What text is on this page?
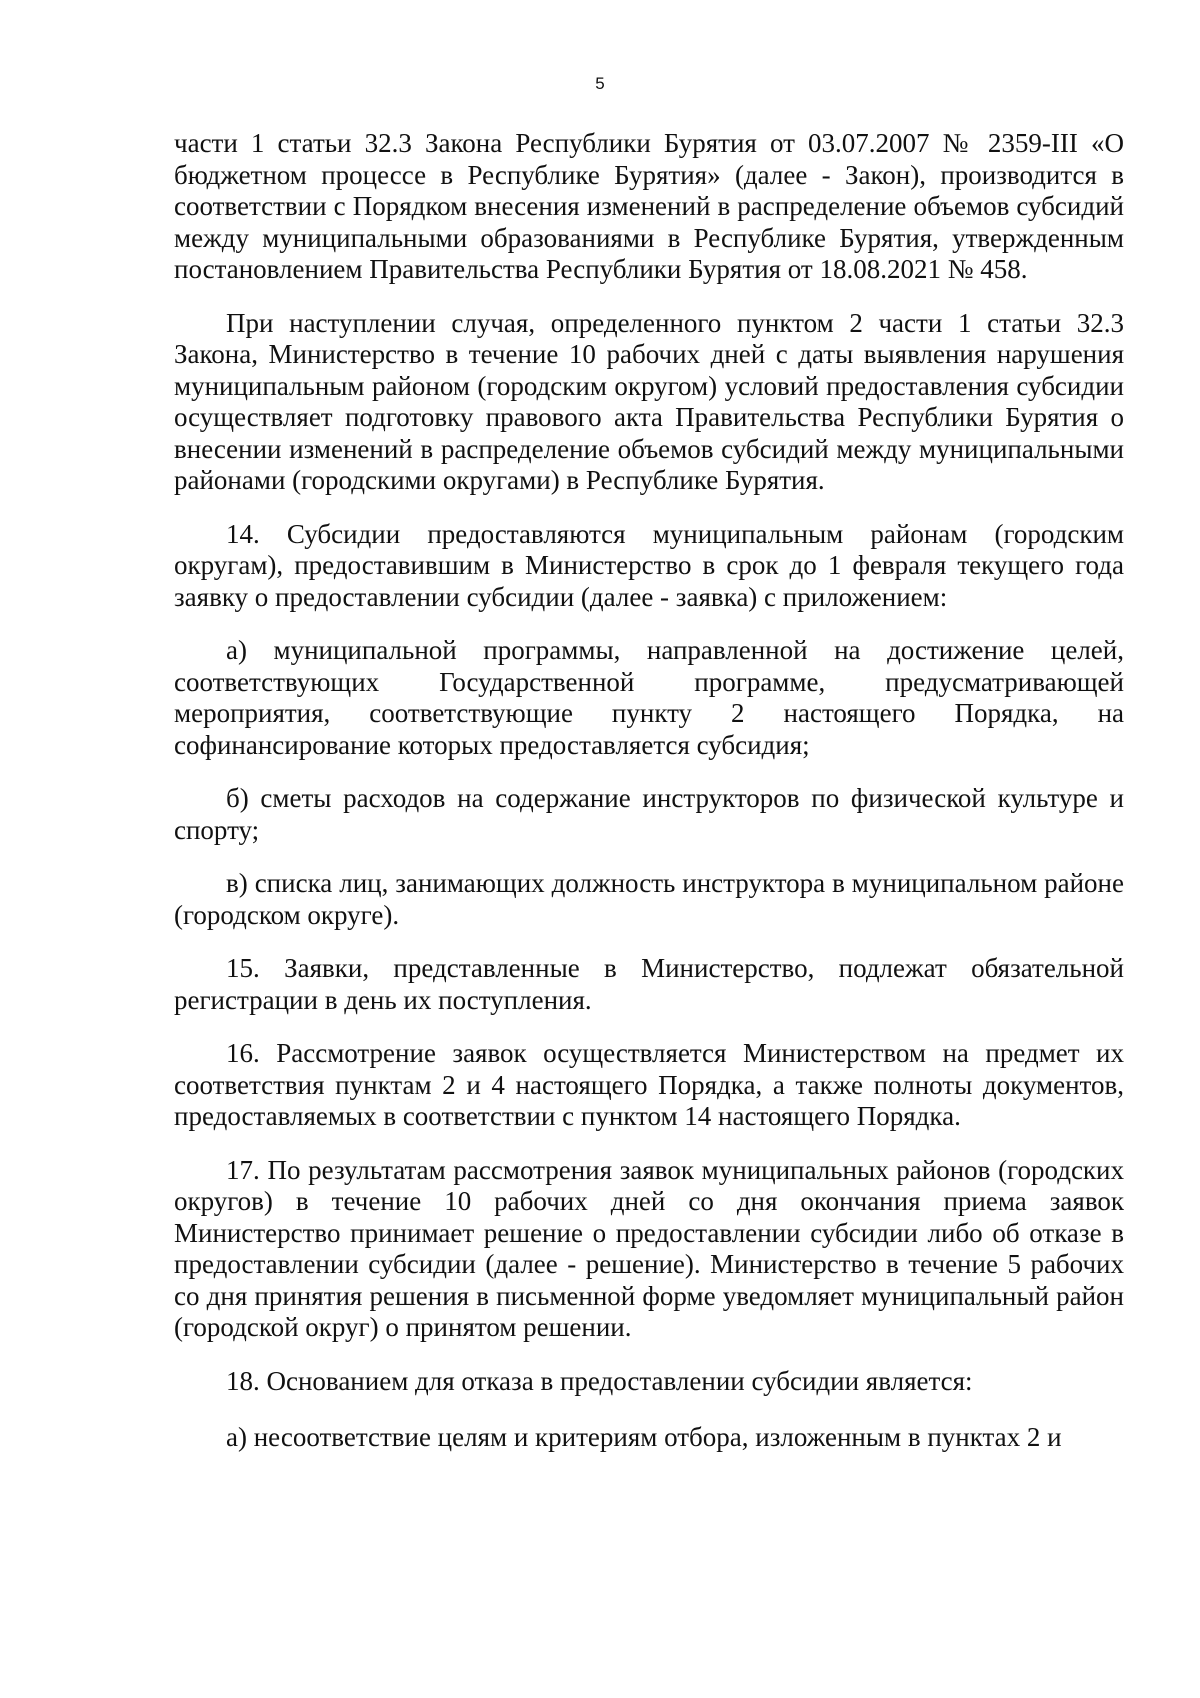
5

части 1 статьи 32.3 Закона Республики Бурятия от 03.07.2007 № 2359-III «О бюджетном процессе в Республике Бурятия» (далее - Закон), производится в соответствии с Порядком внесения изменений в распределение объемов субсидий между муниципальными образованиями в Республике Бурятия, утвержденным постановлением Правительства Республики Бурятия от 18.08.2021 № 458.

При наступлении случая, определенного пунктом 2 части 1 статьи 32.3 Закона, Министерство в течение 10 рабочих дней с даты выявления нарушения муниципальным районом (городским округом) условий предоставления субсидии осуществляет подготовку правового акта Правительства Республики Бурятия о внесении изменений в распределение объемов субсидий между муниципальными районами (городскими округами) в Республике Бурятия.

14. Субсидии предоставляются муниципальным районам (городским округам), предоставившим в Министерство в срок до 1 февраля текущего года заявку о предоставлении субсидии (далее - заявка) с приложением:

а) муниципальной программы, направленной на достижение целей, соответствующих Государственной программе, предусматривающей мероприятия, соответствующие пункту 2 настоящего Порядка, на софинансирование которых предоставляется субсидия;

б) сметы расходов на содержание инструкторов по физической культуре и спорту;

в) списка лиц, занимающих должность инструктора в муниципальном районе (городском округе).

15. Заявки, представленные в Министерство, подлежат обязательной регистрации в день их поступления.

16. Рассмотрение заявок осуществляется Министерством на предмет их соответствия пунктам 2 и 4 настоящего Порядка, а также полноты документов, предоставляемых в соответствии с пунктом 14 настоящего Порядка.

17. По результатам рассмотрения заявок муниципальных районов (городских округов) в течение 10 рабочих дней со дня окончания приема заявок Министерство принимает решение о предоставлении субсидии либо об отказе в предоставлении субсидии (далее - решение). Министерство в течение 5 рабочих со дня принятия решения в письменной форме уведомляет муниципальный район (городской округ) о принятом решении.

18. Основанием для отказа в предоставлении субсидии является:

а) несоответствие целям и критериям отбора, изложенным в пунктах 2 и
